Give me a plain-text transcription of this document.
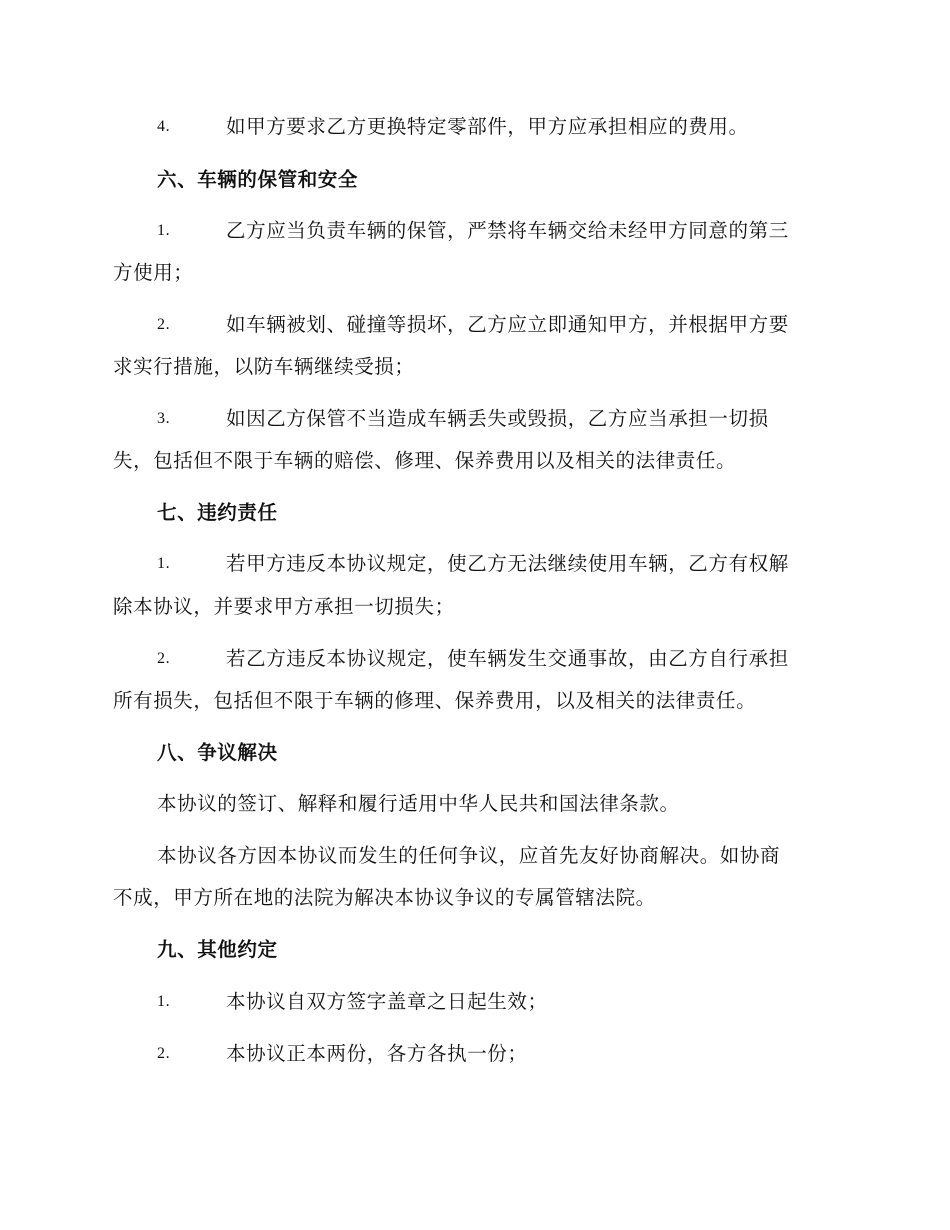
4.	如甲方要求乙方更换特定零部件，甲方应承担相应的费用。
六、车辆的保管和安全
1.	乙方应当负责车辆的保管，严禁将车辆交给未经甲方同意的第三
方使用；
2.	如车辆被划、碰撞等损坏，乙方应立即通知甲方，并根据甲方要
求实行措施，以防车辆继续受损；
3.	如因乙方保管不当造成车辆丢失或毁损，乙方应当承担一切损
失，包括但不限于车辆的赔偿、修理、保养费用以及相关的法律责任。
七、违约责任
1.	若甲方违反本协议规定，使乙方无法继续使用车辆，乙方有权解
除本协议，并要求甲方承担一切损失；
2.	若乙方违反本协议规定，使车辆发生交通事故，由乙方自行承担
所有损失，包括但不限于车辆的修理、保养费用，以及相关的法律责任。
八、争议解决
本协议的签订、解释和履行适用中华人民共和国法律条款。
本协议各方因本协议而发生的任何争议，应首先友好协商解决。如协商
不成，甲方所在地的法院为解决本协议争议的专属管辖法院。
九、其他约定
1.	本协议自双方签字盖章之日起生效；
2.	本协议正本两份，各方各执一份；
